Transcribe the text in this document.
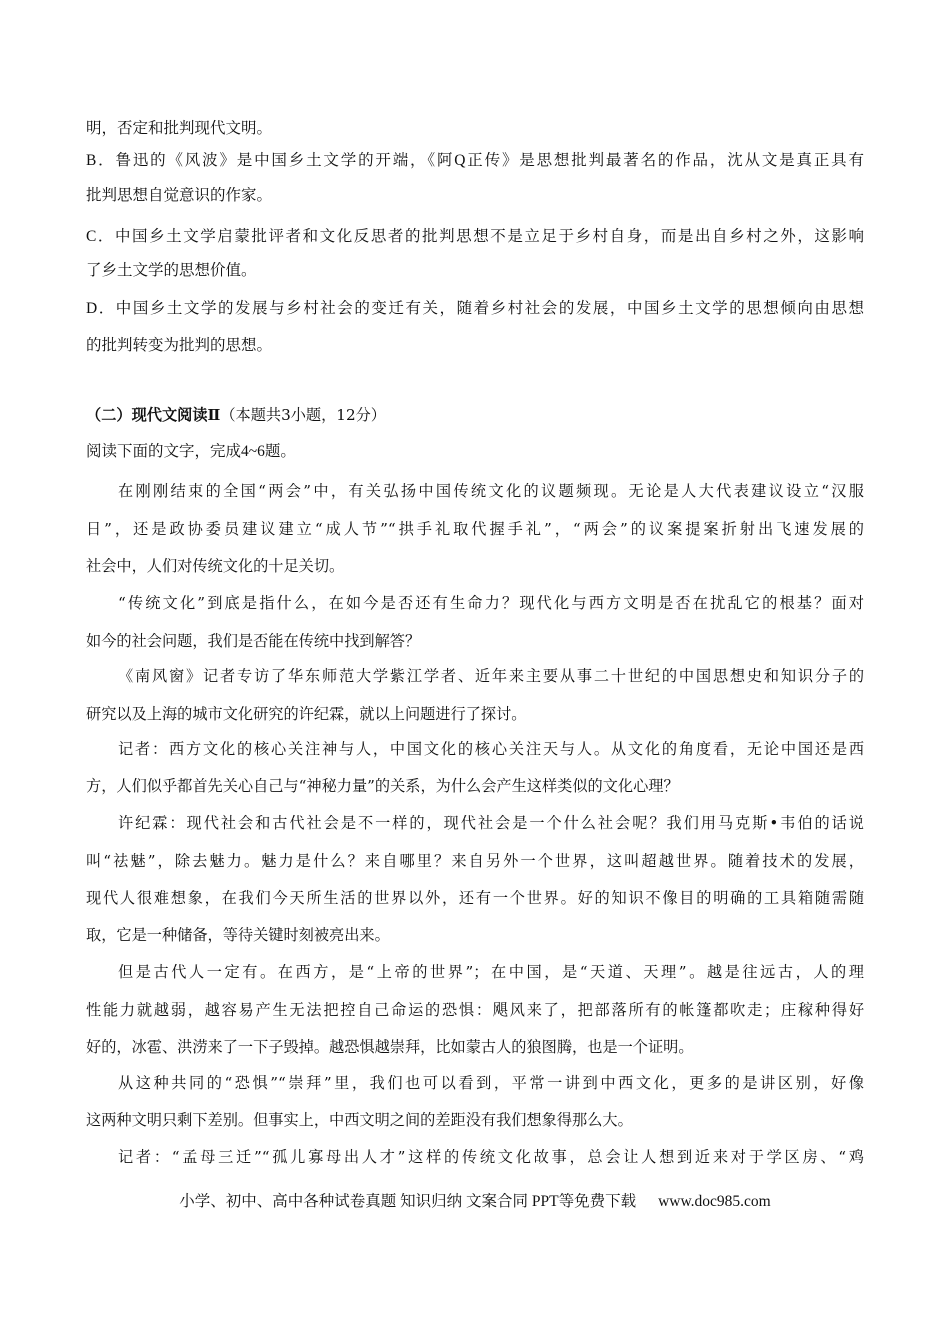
明，否定和批判现代文明。
B．鲁迅的《风波》是中国乡土文学的开端，《阿Q正传》是思想批判最著名的作品，沈从文是真正具有
批判思想自觉意识的作家。
C．中国乡土文学启蒙批评者和文化反思者的批判思想不是立足于乡村自身，而是出自乡村之外，这影响
了乡土文学的思想价值。
D．中国乡土文学的发展与乡村社会的变迁有关，随着乡村社会的发展，中国乡土文学的思想倾向由思想
的批判转变为批判的思想。
（二）现代文阅读Ⅱ（本题共3小题，12分）
阅读下面的文字，完成4~6题。
在刚刚结束的全国“两会”中，有关弘扬中国传统文化的议题频现。无论是人大代表建议设立“汉服
日”，还是政协委员建议建立“成人节”“拱手礼取代握手礼”，“两会”的议案提案折射出飞速发展的
社会中，人们对传统文化的十足关切。
“传统文化”到底是指什么，在如今是否还有生命力？现代化与西方文明是否在扰乱它的根基？面对
如今的社会问题，我们是否能在传统中找到解答？
《南风窗》记者专访了华东师范大学紫江学者、近年来主要从事二十世纪的中国思想史和知识分子的
研究以及上海的城市文化研究的许纪霖，就以上问题进行了探讨。
记者：西方文化的核心关注神与人，中国文化的核心关注天与人。从文化的角度看，无论中国还是西
方，人们似乎都首先关心自己与“神秘力量”的关系，为什么会产生这样类似的文化心理？
许纪霖：现代社会和古代社会是不一样的，现代社会是一个什么社会呢？我们用马克斯•韦伯的话说
叫“祛魅”，除去魅力。魅力是什么？来自哪里？来自另外一个世界，这叫超越世界。随着技术的发展，
现代人很难想象，在我们今天所生活的世界以外，还有一个世界。好的知识不像目的明确的工具箱随需随
取，它是一种储备，等待关键时刻被亮出来。
但是古代人一定有。在西方，是“上帝的世界”；在中国，是“天道、天理”。越是往远古，人的理
性能力就越弱，越容易产生无法把控自己命运的恐惧：飓风来了，把部落所有的帐篷都吹走；庄稼种得好
好的，冰雹、洪涝来了一下子毁掉。越恐惧越崇拜，比如蒙古人的狼图腾，也是一个证明。
从这种共同的“恐惧”“崇拜”里，我们也可以看到，平常一讲到中西文化，更多的是讲区别，好像
这两种文明只剩下差别。但事实上，中西文明之间的差距没有我们想象得那么大。
记者：“孟母三迁”“孤儿寡母出人才”这样的传统文化故事，总会让人想到近来对于学区房、“鸡
小学、初中、高中各种试卷真题 知识归纳 文案合同 PPT等免费下载 www.doc985.com
